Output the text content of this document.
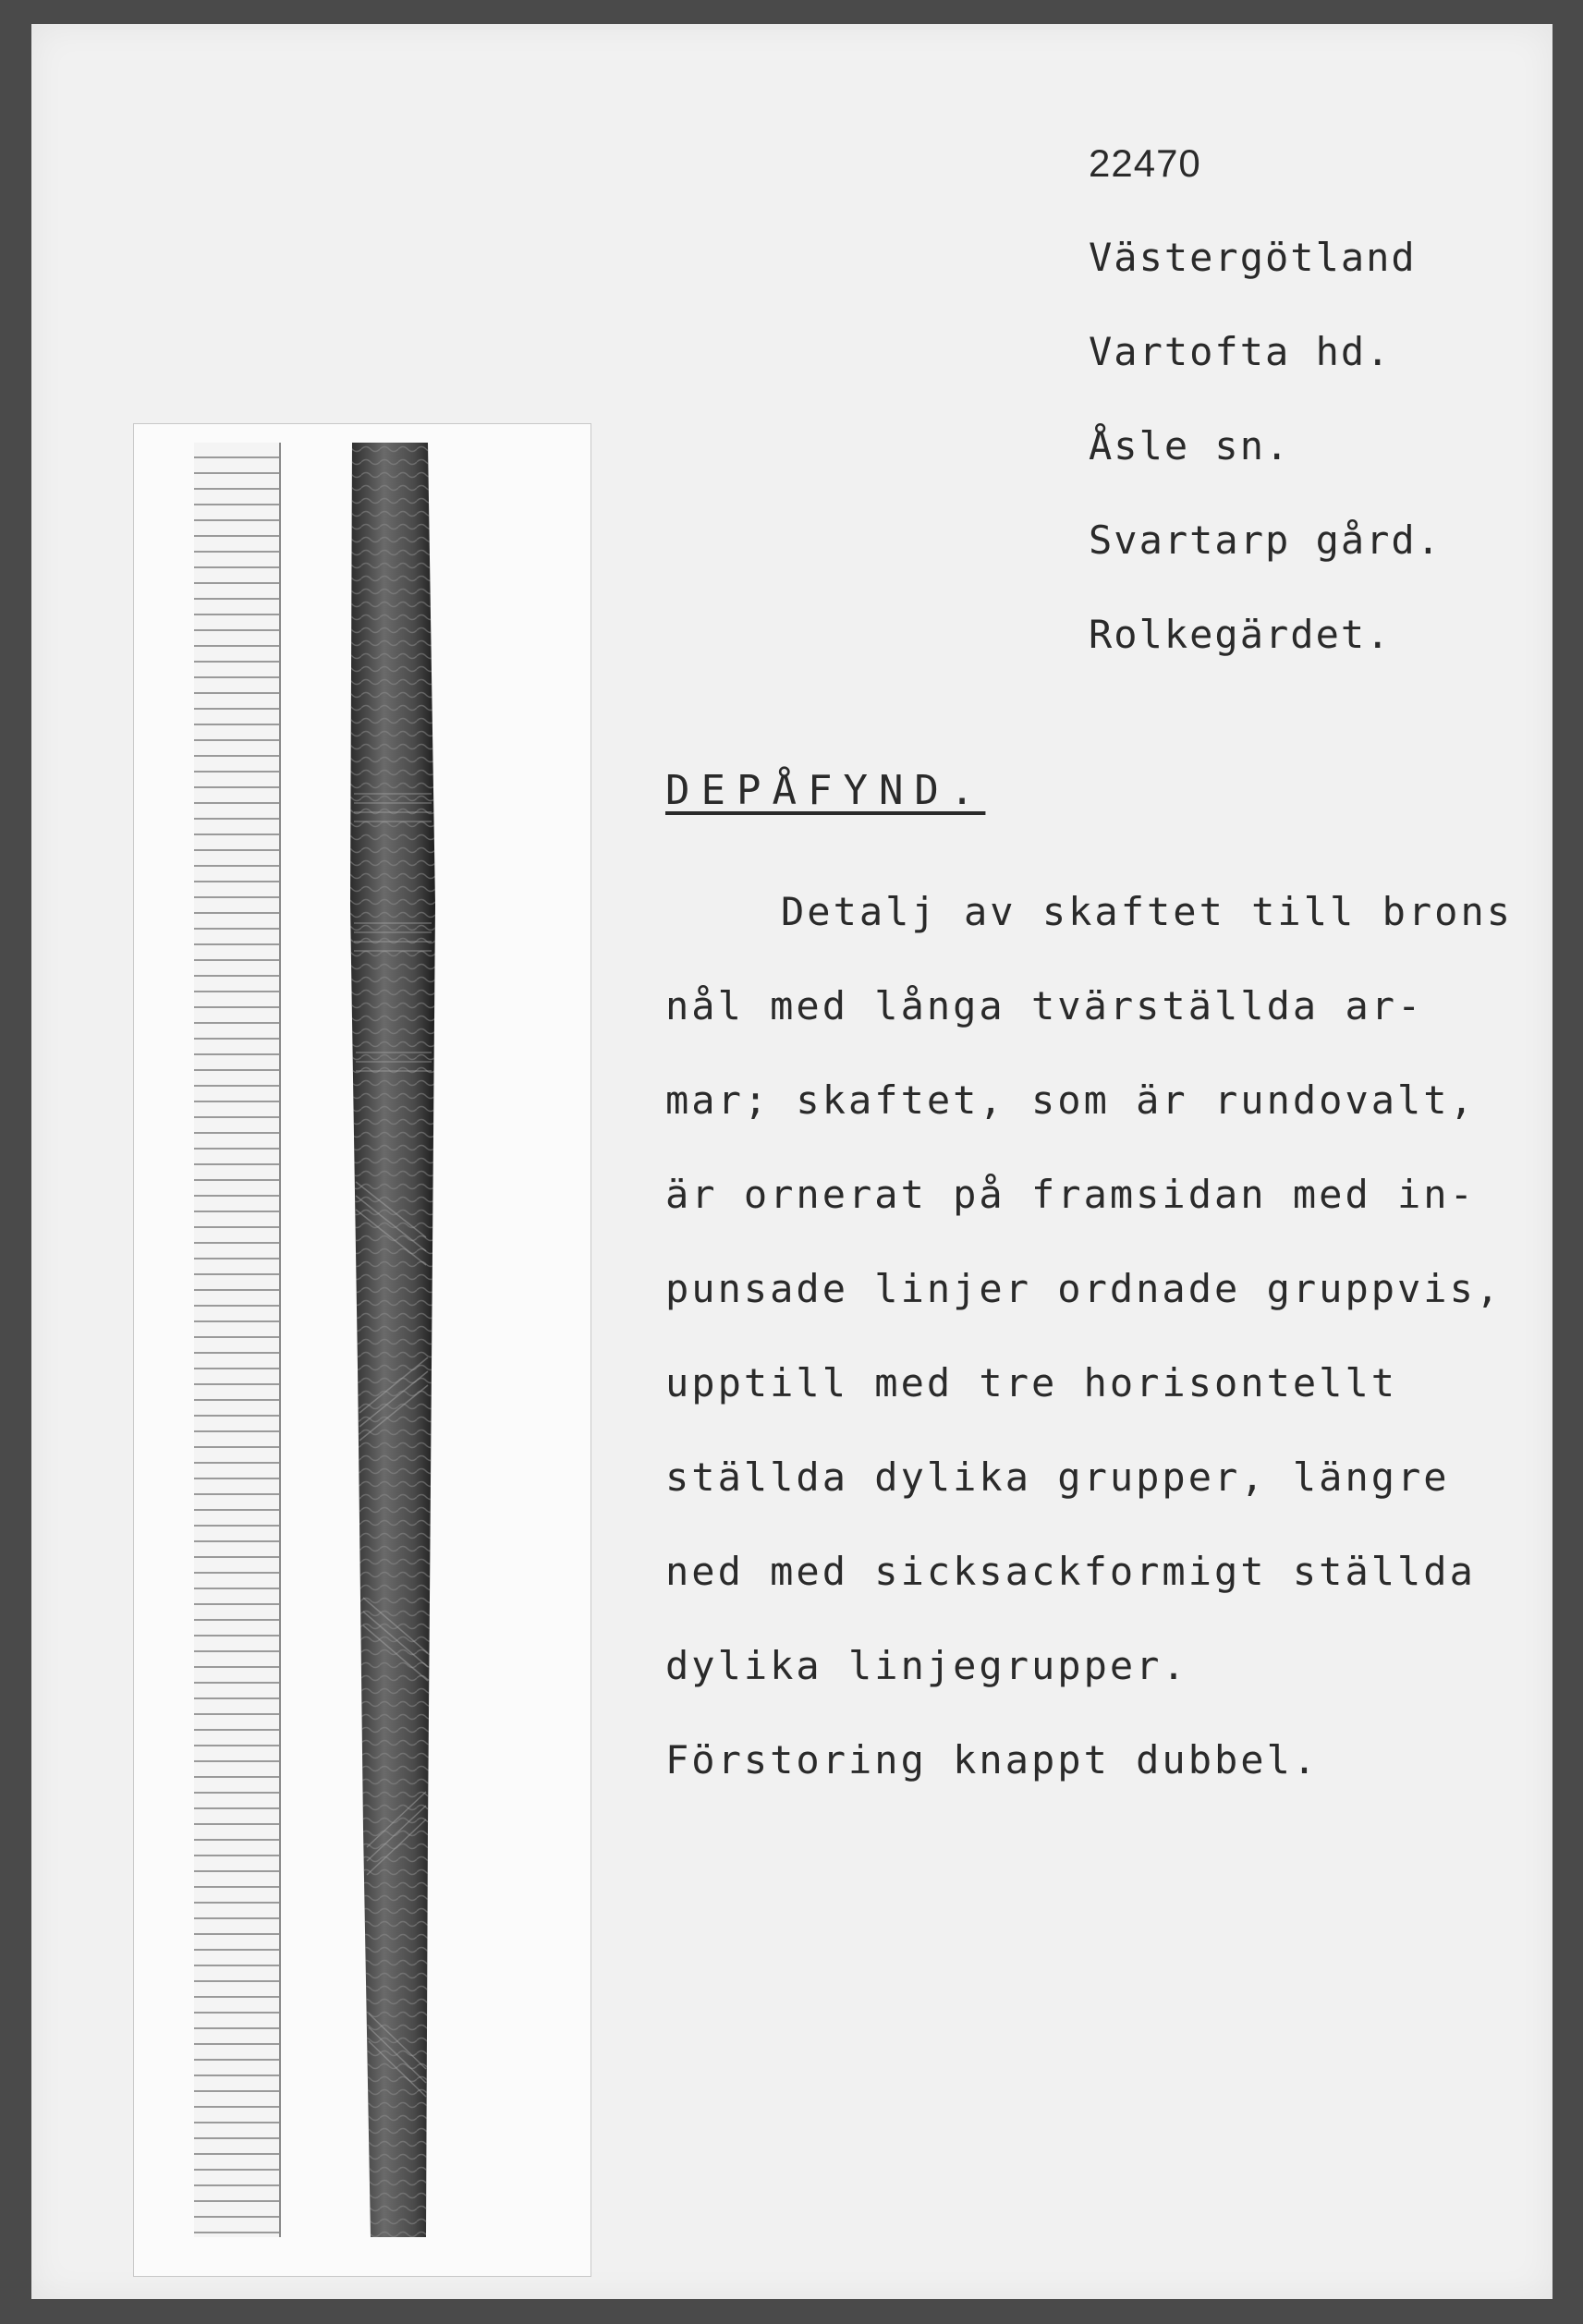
22470
Västergötland
Vartofta hd.
Åsle sn.
Svartarp gård.
Rolkegärdet.
DEPÅFYND.
Detalj av skaftet till brons
nål med långa tvärställda ar-
mar; skaftet, som är rundovalt,
är ornerat på framsidan med in-
punsade linjer ordnade gruppvis,
upptill med tre horisontellt
ställda dylika grupper, längre
ned med sicksackformigt ställda
dylika linjegrupper.
Förstoring knappt dubbel.
